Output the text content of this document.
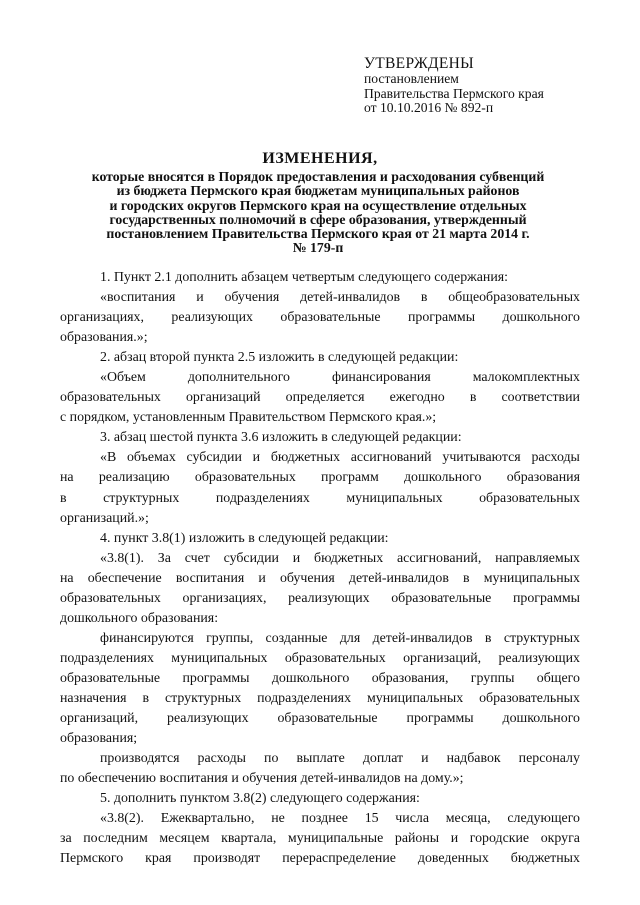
УТВЕРЖДЕНЫ
постановлением
Правительства Пермского края
от 10.10.2016 № 892-п
ИЗМЕНЕНИЯ,
которые вносятся в Порядок предоставления и расходования субвенций
из бюджета Пермского края бюджетам муниципальных районов
и городских округов Пермского края на осуществление отдельных
государственных полномочий в сфере образования, утвержденный
постановлением Правительства Пермского края от 21 марта 2014 г.
№ 179-п
1. Пункт 2.1 дополнить абзацем четвертым следующего содержания:
«воспитания и обучения детей-инвалидов в общеобразовательных
организациях, реализующих образовательные программы дошкольного
образования.»;
2. абзац второй пункта 2.5 изложить в следующей редакции:
«Объем	дополнительного	финансирования	малокомплектных
образовательных организаций определяется ежегодно в соответствии
с порядком, установленным Правительством Пермского края.»;
3. абзац шестой пункта 3.6 изложить в следующей редакции:
«В объемах субсидии и бюджетных ассигнований учитываются расходы
на реализацию образовательных программ дошкольного образования
в	структурных	подразделениях	муниципальных	образовательных
организаций.»;
4. пункт 3.8(1) изложить в следующей редакции:
«3.8(1). За счет субсидии и бюджетных ассигнований, направляемых
на обеспечение воспитания и обучения детей-инвалидов в муниципальных
образовательных организациях, реализующих образовательные программы
дошкольного образования:
финансируются группы, созданные для детей-инвалидов в структурных
подразделениях муниципальных образовательных организаций, реализующих
образовательные программы дошкольного образования, группы общего
назначения в структурных подразделениях муниципальных образовательных
организаций, реализующих образовательные программы дошкольного
образования;
производятся расходы по выплате доплат и надбавок персоналу
по обеспечению воспитания и обучения детей-инвалидов на дому.»;
5. дополнить пунктом 3.8(2) следующего содержания:
«3.8(2). Ежеквартально, не позднее 15 числа месяца, следующего
за последним месяцем квартала, муниципальные районы и городские округа
Пермского края производят перераспределение доведенных бюджетных
